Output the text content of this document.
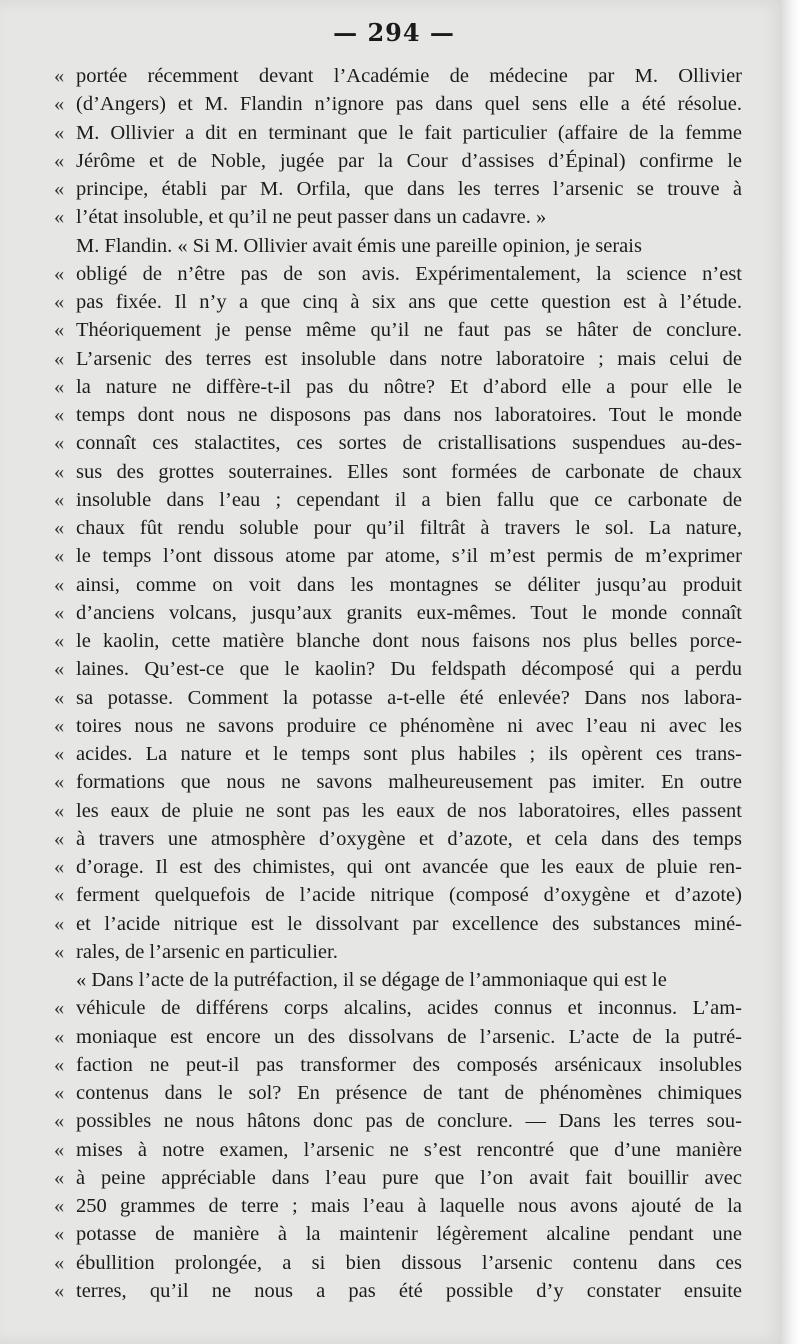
— 294 —
« portée récemment devant l’Académie de médecine par M. Ollivier
« (d’Angers) et M. Flandin n’ignore pas dans quel sens elle a été résolue.
« M. Ollivier a dit en terminant que le fait particulier (affaire de la femme
« Jérôme et de Noble, jugée par la Cour d’assises d’Épinal) confirme le
« principe, établi par M. Orfila, que dans les terres l’arsenic se trouve à
« l’état insoluble, et qu’il ne peut passer dans un cadavre. »
M. Flandin. « Si M. Ollivier avait émis une pareille opinion, je serais
« obligé de n’être pas de son avis. Expérimentalement, la science n’est
« pas fixée. Il n’y a que cinq à six ans que cette question est à l’étude.
« Théoriquement je pense même qu’il ne faut pas se hâter de conclure.
« L’arsenic des terres est insoluble dans notre laboratoire ; mais celui de
« la nature ne diffère-t-il pas du nôtre? Et d’abord elle a pour elle le
« temps dont nous ne disposons pas dans nos laboratoires. Tout le monde
« connaît ces stalactites, ces sortes de cristallisations suspendues au-des-
« sus des grottes souterraines. Elles sont formées de carbonate de chaux
« insoluble dans l’eau ; cependant il a bien fallu que ce carbonate de
« chaux fût rendu soluble pour qu’il filtrât à travers le sol. La nature,
« le temps l’ont dissous atome par atome, s’il m’est permis de m’exprimer
« ainsi, comme on voit dans les montagnes se déliter jusqu’au produit
« d’anciens volcans, jusqu’aux granits eux-mêmes. Tout le monde connaît
« le kaolin, cette matière blanche dont nous faisons nos plus belles porce-
« laines. Qu’est-ce que le kaolin? Du feldspath décomposé qui a perdu
« sa potasse. Comment la potasse a-t-elle été enlevée? Dans nos labora-
« toires nous ne savons produire ce phénomène ni avec l’eau ni avec les
« acides. La nature et le temps sont plus habiles ; ils opèrent ces trans-
« formations que nous ne savons malheureusement pas imiter. En outre
« les eaux de pluie ne sont pas les eaux de nos laboratoires, elles passent
« à travers une atmosphère d’oxygène et d’azote, et cela dans des temps
« d’orage. Il est des chimistes, qui ont avancée que les eaux de pluie ren-
« ferment quelquefois de l’acide nitrique (composé d’oxygène et d’azote)
« et l’acide nitrique est le dissolvant par excellence des substances miné-
« rales, de l’arsenic en particulier.
« Dans l’acte de la putréfaction, il se dégage de l’ammoniaque qui est le
« véhicule de différens corps alcalins, acides connus et inconnus. L’am-
« moniaque est encore un des dissolvans de l’arsenic. L’acte de la putré-
« faction ne peut-il pas transformer des composés arsénicaux insolubles
« contenus dans le sol? En présence de tant de phénomènes chimiques
« possibles ne nous hâtons donc pas de conclure. — Dans les terres sou-
« mises à notre examen, l’arsenic ne s’est rencontré que d’une manière
« à peine appréciable dans l’eau pure que l’on avait fait bouillir avec
« 250 grammes de terre ; mais l’eau à laquelle nous avons ajouté de la
« potasse de manière à la maintenir légèrement alcaline pendant une
« ébullition prolongée, a si bien dissous l’arsenic contenu dans ces
« terres, qu’il ne nous a pas été possible d’y constater ensuite
